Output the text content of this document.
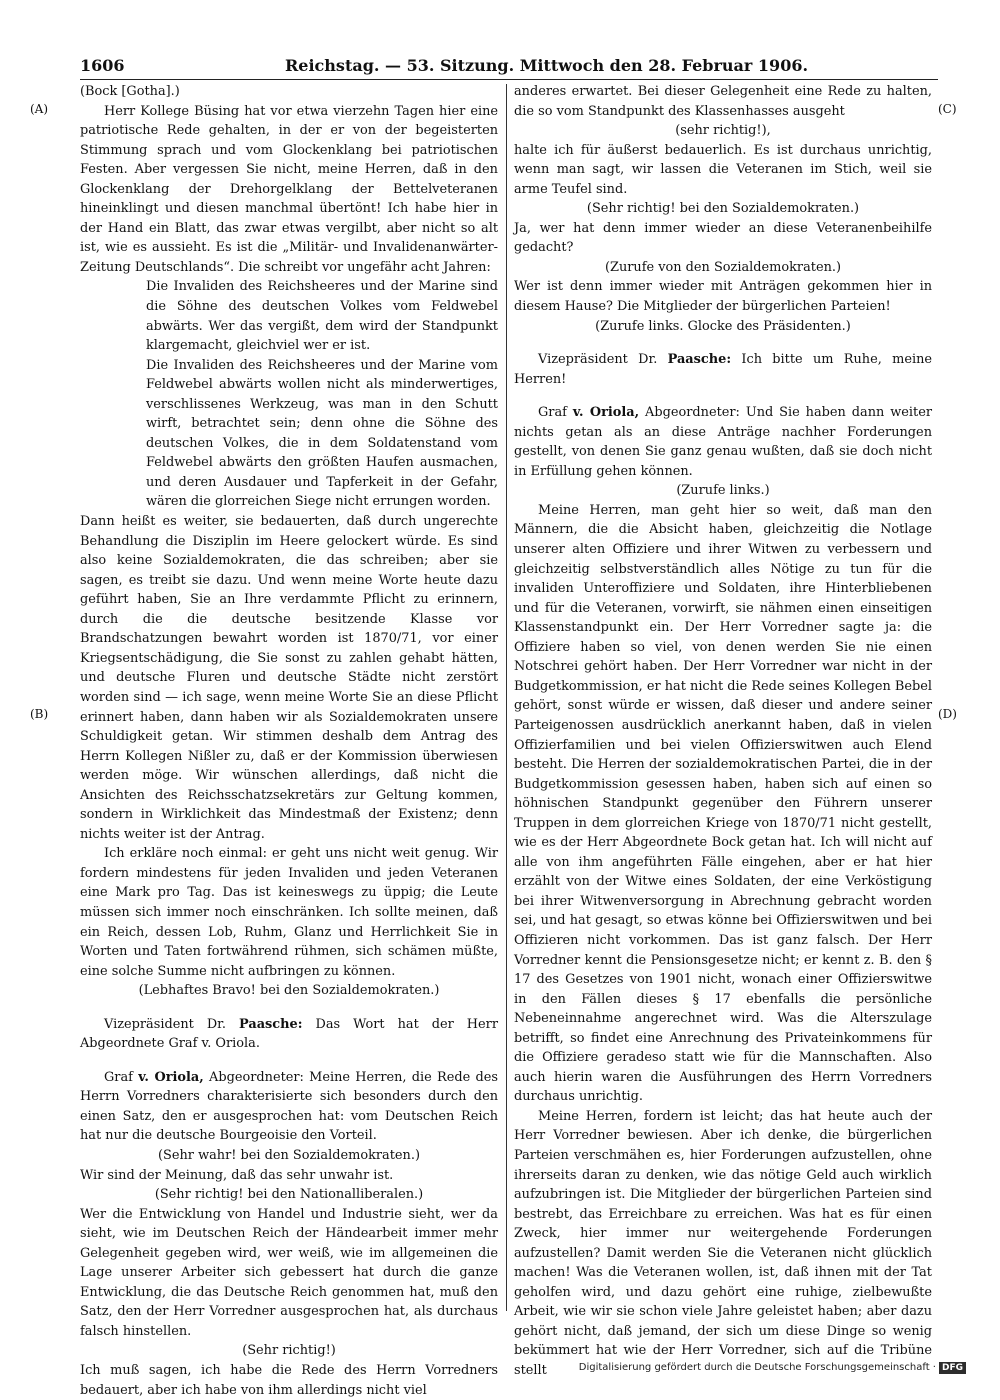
1606	Reichstag. — 53. Sitzung. Mittwoch den 28. Februar 1906.
(A)
(B)
(C)
(D)

(Bock [Gotha].)

Herr Kollege Büsing hat vor etwa vierzehn Tagen hier eine patriotische Rede gehalten, in der er von der begeisterten Stimmung sprach und vom Glockenklang bei patriotischen Festen. Aber vergessen Sie nicht, meine Herren, daß in den Glockenklang der Drehorgelklang der Bettelveteranen hineinklingt und diesen manchmal übertönt! Ich habe hier in der Hand ein Blatt, das zwar etwas vergilbt, aber nicht so alt ist, wie es aussieht. Es ist die „Militär- und Invalidenanwärter-Zeitung Deutschlands“. Die schreibt vor ungefähr acht Jahren:

Die Invaliden des Reichsheeres und der Marine sind die Söhne des deutschen Volkes vom Feldwebel abwärts. Wer das vergißt, dem wird der Standpunkt klargemacht, gleichviel wer er ist.

Die Invaliden des Reichsheeres und der Marine vom Feldwebel abwärts wollen nicht als minderwertiges, verschlissenes Werkzeug, was man in den Schutt wirft, betrachtet sein; denn ohne die Söhne des deutschen Volkes, die in dem Soldatenstand vom Feldwebel abwärts den größten Haufen ausmachen, und deren Ausdauer und Tapferkeit in der Gefahr, wären die glorreichen Siege nicht errungen worden.

Dann heißt es weiter, sie bedauerten, daß durch ungerechte Behandlung die Disziplin im Heere gelockert würde. Es sind also keine Sozialdemokraten, die das schreiben; aber sie sagen, es treibt sie dazu. Und wenn meine Worte heute dazu geführt haben, Sie an Ihre verdammte Pflicht zu erinnern, durch die die deutsche besitzende Klasse vor Brandschatzungen bewahrt worden ist 1870/71, vor einer Kriegsentschädigung, die Sie sonst zu zahlen gehabt hätten, und deutsche Fluren und deutsche Städte nicht zerstört worden sind — ich sage, wenn meine Worte Sie an diese Pflicht erinnert haben, dann haben wir als Sozialdemokraten unsere Schuldigkeit getan. Wir stimmen deshalb dem Antrag des Herrn Kollegen Nißler zu, daß er der Kommission überwiesen werden möge. Wir wünschen allerdings, daß nicht die Ansichten des Reichsschatzsekretärs zur Geltung kommen, sondern in Wirklichkeit das Mindestmaß der Existenz; denn nichts weiter ist der Antrag.

Ich erkläre noch einmal: er geht uns nicht weit genug. Wir fordern mindestens für jeden Invaliden und jeden Veteranen eine Mark pro Tag. Das ist keineswegs zu üppig; die Leute müssen sich immer noch einschränken. Ich sollte meinen, daß ein Reich, dessen Lob, Ruhm, Glanz und Herrlichkeit Sie in Worten und Taten fortwährend rühmen, sich schämen müßte, eine solche Summe nicht aufbringen zu können.

(Lebhaftes Bravo! bei den Sozialdemokraten.)

Vizepräsident Dr. Paasche: Das Wort hat der Herr Abgeordnete Graf v. Oriola.

Graf v. Oriola, Abgeordneter: Meine Herren, die Rede des Herrn Vorredners charakterisierte sich besonders durch den einen Satz, den er ausgesprochen hat: vom Deutschen Reich hat nur die deutsche Bourgeoisie den Vorteil.

(Sehr wahr! bei den Sozialdemokraten.)

Wir sind der Meinung, daß das sehr unwahr ist.

(Sehr richtig! bei den Nationalliberalen.)

Wer die Entwicklung von Handel und Industrie sieht, wer da sieht, wie im Deutschen Reich der Händearbeit immer mehr Gelegenheit gegeben wird, wer weiß, wie im allgemeinen die Lage unserer Arbeiter sich gebessert hat durch die ganze Entwicklung, die das Deutsche Reich genommen hat, muß den Satz, den der Herr Vorredner ausgesprochen hat, als durchaus falsch hinstellen.

(Sehr richtig!)

Ich muß sagen, ich habe die Rede des Herrn Vorredners bedauert, aber ich habe von ihm allerdings nicht viel

anderes erwartet. Bei dieser Gelegenheit eine Rede zu halten, die so vom Standpunkt des Klassenhasses ausgeht

(sehr richtig!),

halte ich für äußerst bedauerlich. Es ist durchaus unrichtig, wenn man sagt, wir lassen die Veteranen im Stich, weil sie arme Teufel sind.

(Sehr richtig! bei den Sozialdemokraten.)

Ja, wer hat denn immer wieder an diese Veteranenbeihilfe gedacht?

(Zurufe von den Sozialdemokraten.)

Wer ist denn immer wieder mit Anträgen gekommen hier in diesem Hause? Die Mitglieder der bürgerlichen Parteien!

(Zurufe links. Glocke des Präsidenten.)

Vizepräsident Dr. Paasche: Ich bitte um Ruhe, meine Herren!

Graf v. Oriola, Abgeordneter: Und Sie haben dann weiter nichts getan als an diese Anträge nachher Forderungen gestellt, von denen Sie ganz genau wußten, daß sie doch nicht in Erfüllung gehen können.

(Zurufe links.)

Meine Herren, man geht hier so weit, daß man den Männern, die die Absicht haben, gleichzeitig die Notlage unserer alten Offiziere und ihrer Witwen zu verbessern und gleichzeitig selbstverständlich alles Nötige zu tun für die invaliden Unteroffiziere und Soldaten, ihre Hinterbliebenen und für die Veteranen, vorwirft, sie nähmen einen einseitigen Klassenstandpunkt ein. Der Herr Vorredner sagte ja: die Offiziere haben so viel, von denen werden Sie nie einen Notschrei gehört haben. Der Herr Vorredner war nicht in der Budgetkommission, er hat nicht die Rede seines Kollegen Bebel gehört, sonst würde er wissen, daß dieser und andere seiner Parteigenossen ausdrücklich anerkannt haben, daß in vielen Offizierfamilien und bei vielen Offizierswitwen auch Elend besteht. Die Herren der sozialdemokratischen Partei, die in der Budgetkommission gesessen haben, haben sich auf einen so höhnischen Standpunkt gegenüber den Führern unserer Truppen in dem glorreichen Kriege von 1870/71 nicht gestellt, wie es der Herr Abgeordnete Bock getan hat. Ich will nicht auf alle von ihm angeführten Fälle eingehen, aber er hat hier erzählt von der Witwe eines Soldaten, der eine Verköstigung bei ihrer Witwenversorgung in Abrechnung gebracht worden sei, und hat gesagt, so etwas könne bei Offizierswitwen und bei Offizieren nicht vorkommen. Das ist ganz falsch. Der Herr Vorredner kennt die Pensionsgesetze nicht; er kennt z. B. den § 17 des Gesetzes von 1901 nicht, wonach einer Offizierswitwe in den Fällen dieses § 17 ebenfalls die persönliche Nebeneinnahme angerechnet wird. Was die Alterszulage betrifft, so findet eine Anrechnung des Privateinkommens für die Offiziere geradeso statt wie für die Mannschaften. Also auch hierin waren die Ausführungen des Herrn Vorredners durchaus unrichtig.

Meine Herren, fordern ist leicht; das hat heute auch der Herr Vorredner bewiesen. Aber ich denke, die bürgerlichen Parteien verschmähen es, hier Forderungen aufzustellen, ohne ihrerseits daran zu denken, wie das nötige Geld auch wirklich aufzubringen ist. Die Mitglieder der bürgerlichen Parteien sind bestrebt, das Erreichbare zu erreichen. Was hat es für einen Zweck, hier immer nur weitergehende Forderungen aufzustellen? Damit werden Sie die Veteranen nicht glücklich machen! Was die Veteranen wollen, ist, daß ihnen mit der Tat geholfen wird, und dazu gehört eine ruhige, zielbewußte Arbeit, wie wir sie schon viele Jahre geleistet haben; aber dazu gehört nicht, daß jemand, der sich um diese Dinge so wenig bekümmert hat wie der Herr Vorredner, sich auf die Tribüne stellt	Digitalisierung gefördert durch die Deutsche Forschungsgemeinschaft · DFG
